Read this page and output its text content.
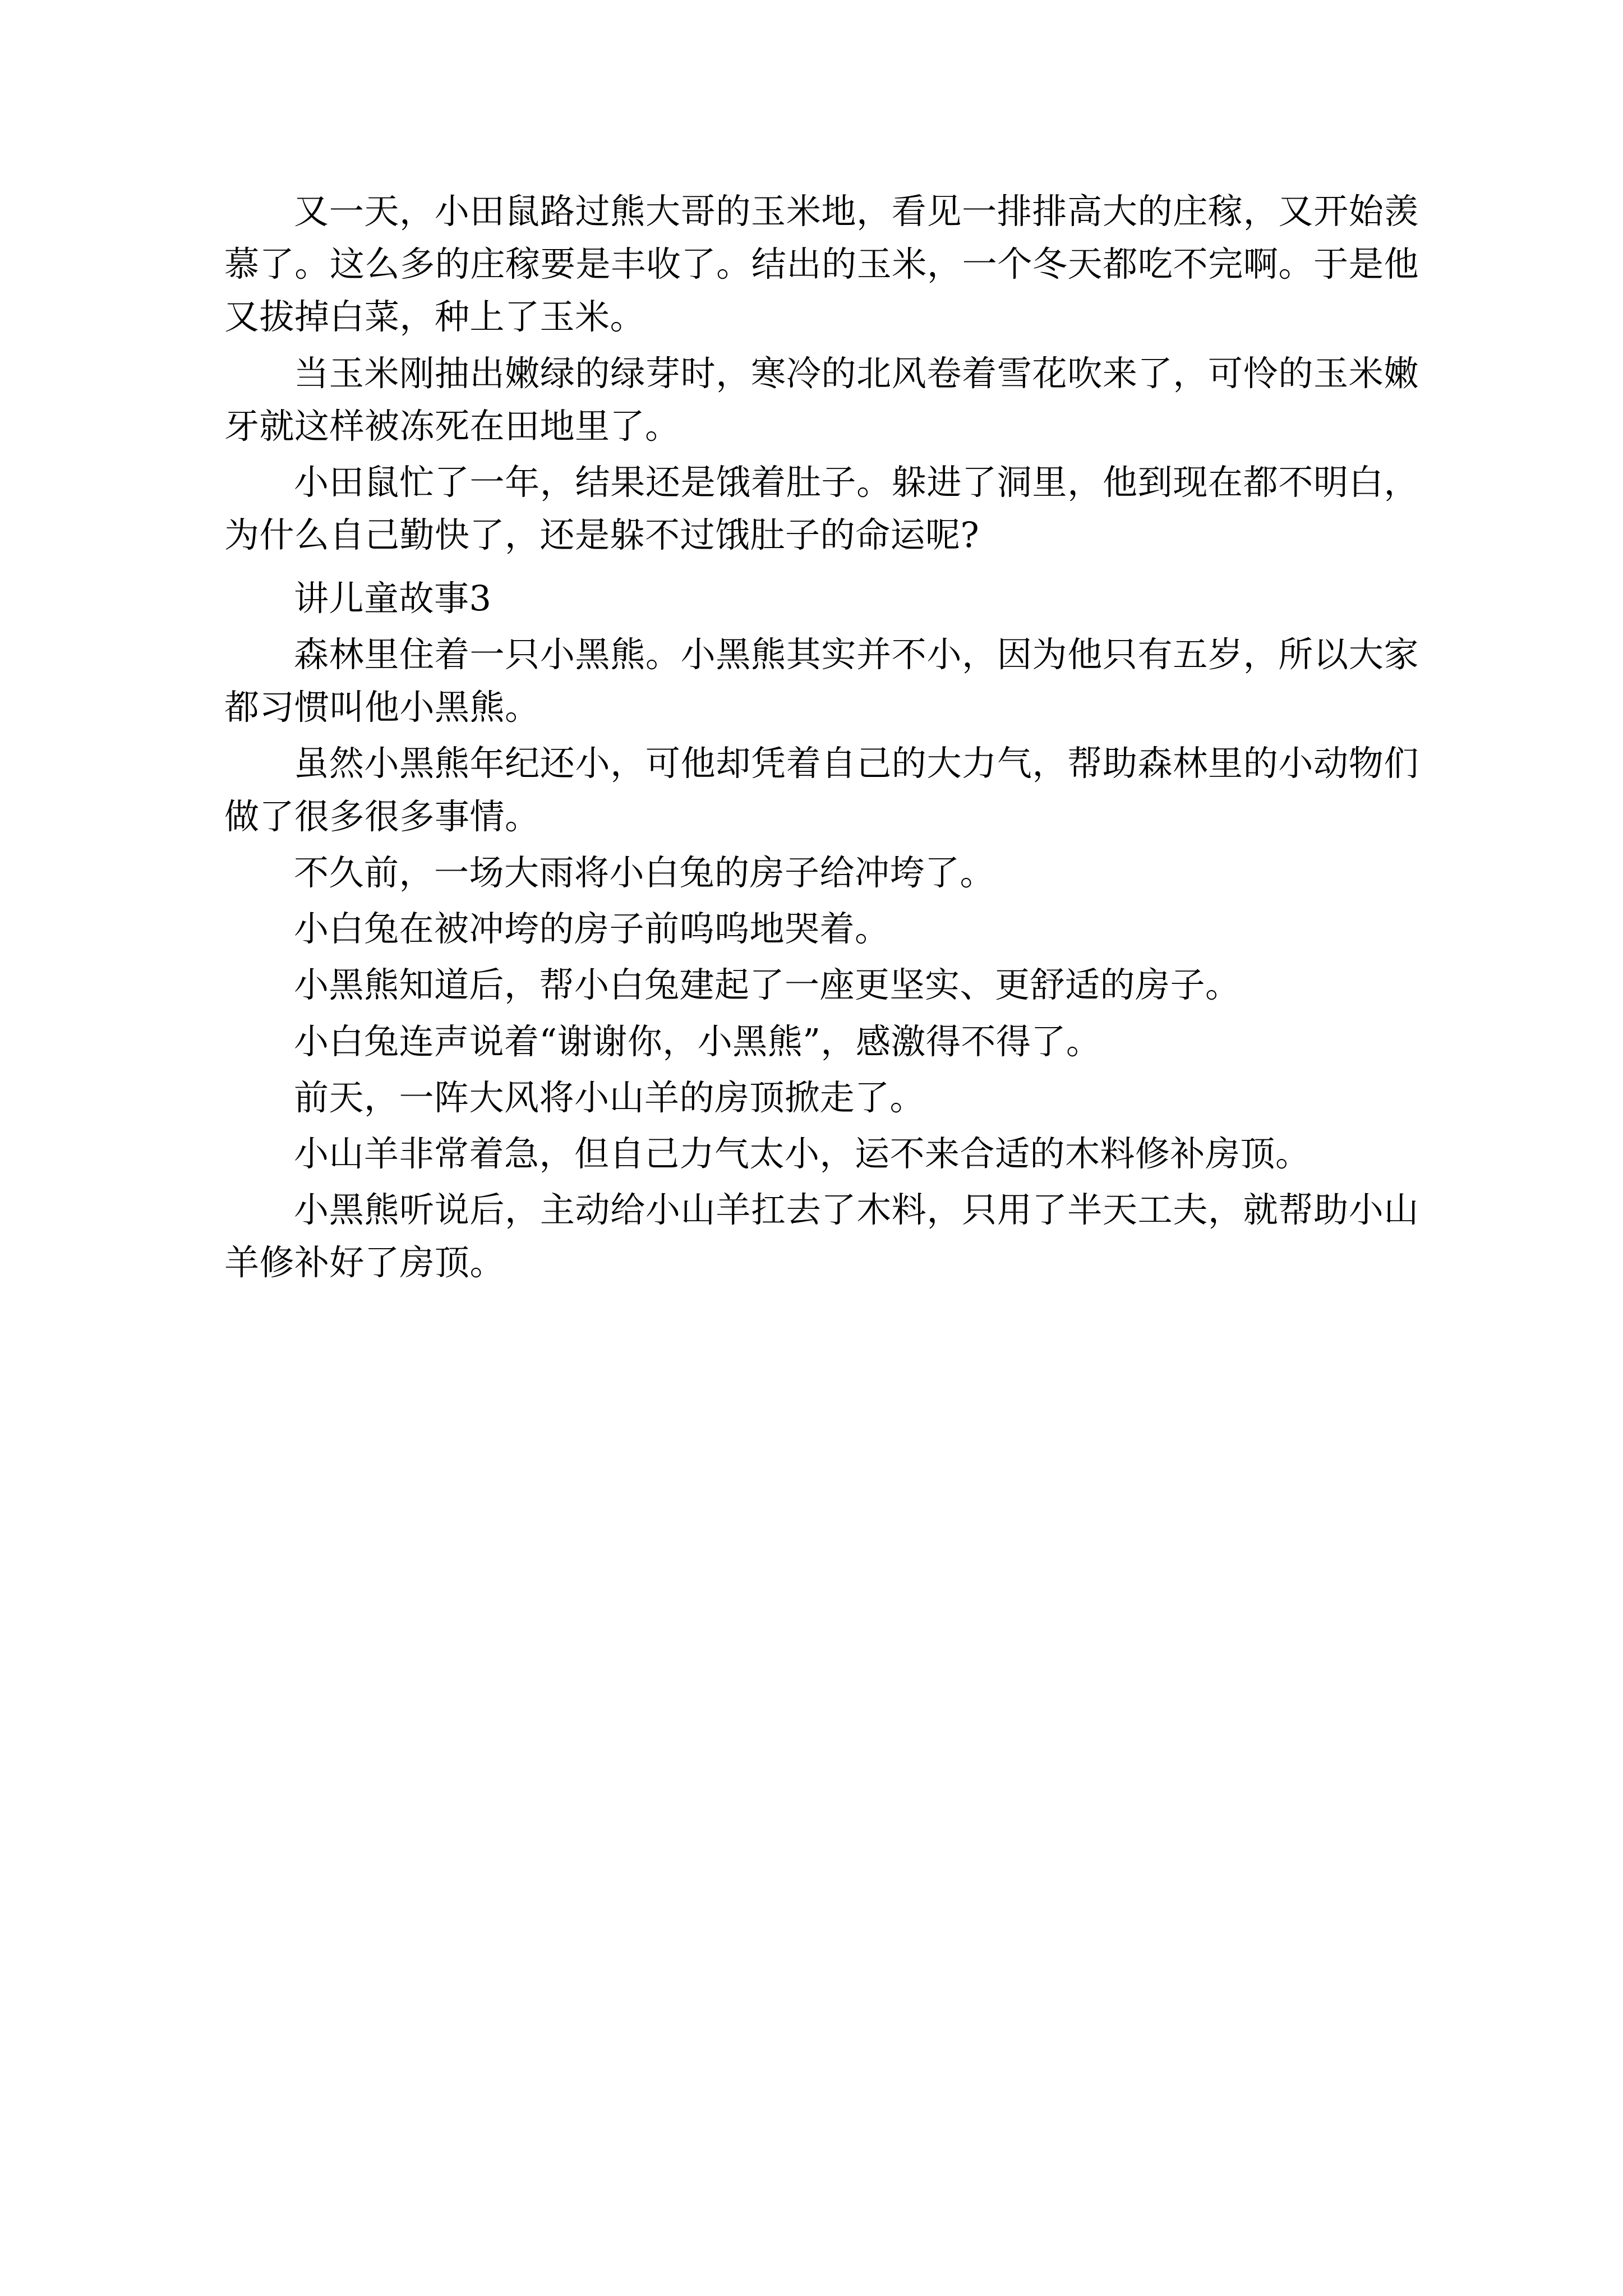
又一天，小田鼠路过熊大哥的玉米地，看见一排排高大的庄稼，又开始羡慕了。这么多的庄稼要是丰收了。结出的玉米，一个冬天都吃不完啊。于是他又拔掉白菜，种上了玉米。

当玉米刚抽出嫩绿的绿芽时，寒冷的北风卷着雪花吹来了，可怜的玉米嫩牙就这样被冻死在田地里了。

小田鼠忙了一年，结果还是饿着肚子。躲进了洞里，他到现在都不明白，为什么自己勤快了，还是躲不过饿肚子的命运呢?

讲儿童故事3

森林里住着一只小黑熊。小黑熊其实并不小，因为他只有五岁，所以大家都习惯叫他小黑熊。

虽然小黑熊年纪还小，可他却凭着自己的大力气，帮助森林里的小动物们做了很多很多事情。

不久前，一场大雨将小白兔的房子给冲垮了。

小白兔在被冲垮的房子前呜呜地哭着。

小黑熊知道后，帮小白兔建起了一座更坚实、更舒适的房子。

小白兔连声说着“谢谢你，小黑熊”，感激得不得了。

前天，一阵大风将小山羊的房顶掀走了。

小山羊非常着急，但自己力气太小，运不来合适的木料修补房顶。

小黑熊听说后，主动给小山羊扛去了木料，只用了半天工夫，就帮助小山羊修补好了房顶。
